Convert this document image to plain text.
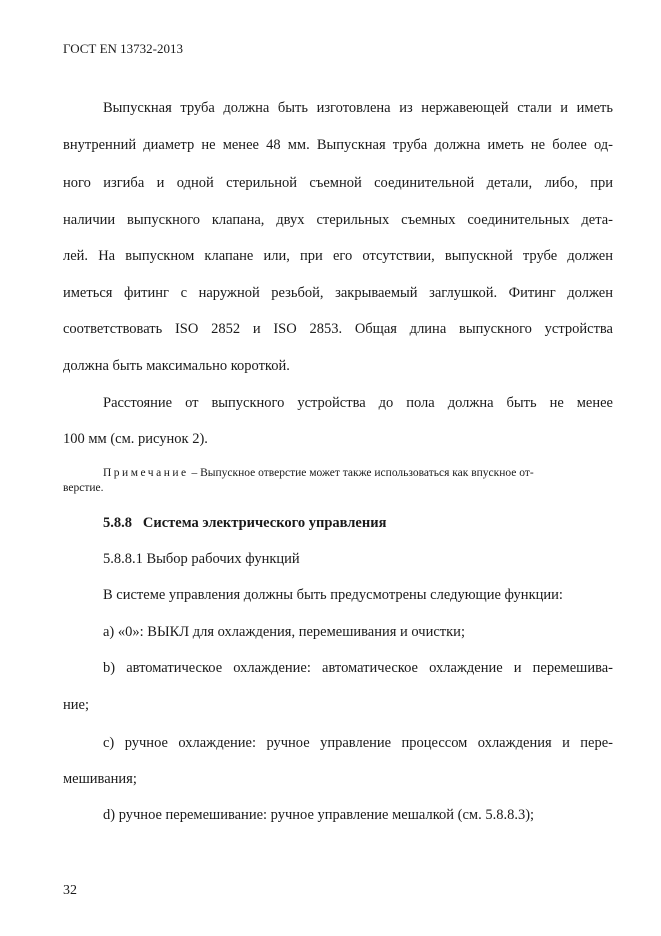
ГОСТ EN 13732-2013
Выпускная труба должна быть изготовлена из нержавеющей стали и иметь
внутренний диаметр не менее 48 мм. Выпускная труба должна иметь не более од-
ного изгиба и одной стерильной съемной соединительной детали, либо, при
наличии выпускного клапана, двух стерильных съемных соединительных дета-
лей. На выпускном клапане или, при его отсутствии, выпускной трубе должен
иметься фитинг с наружной резьбой, закрываемый заглушкой. Фитинг должен
соответствовать ISO 2852 и ISO 2853. Общая длина выпускного устройства
должна быть максимально короткой.
Расстояние от выпускного устройства до пола должна быть не менее
100 мм (см. рисунок 2).
Примечание – Выпускное отверстие может также использоваться как впускное от-
верстие.
5.8.8 Система электрического управления
5.8.8.1 Выбор рабочих функций
В системе управления должны быть предусмотрены следующие функции:
а) «0»: ВЫКЛ для охлаждения, перемешивания и очистки;
b) автоматическое охлаждение: автоматическое охлаждение и перемешива-
ние;
c) ручное охлаждение: ручное управление процессом охлаждения и пере-
мешивания;
d) ручное перемешивание: ручное управление мешалкой (см. 5.8.8.3);
32
